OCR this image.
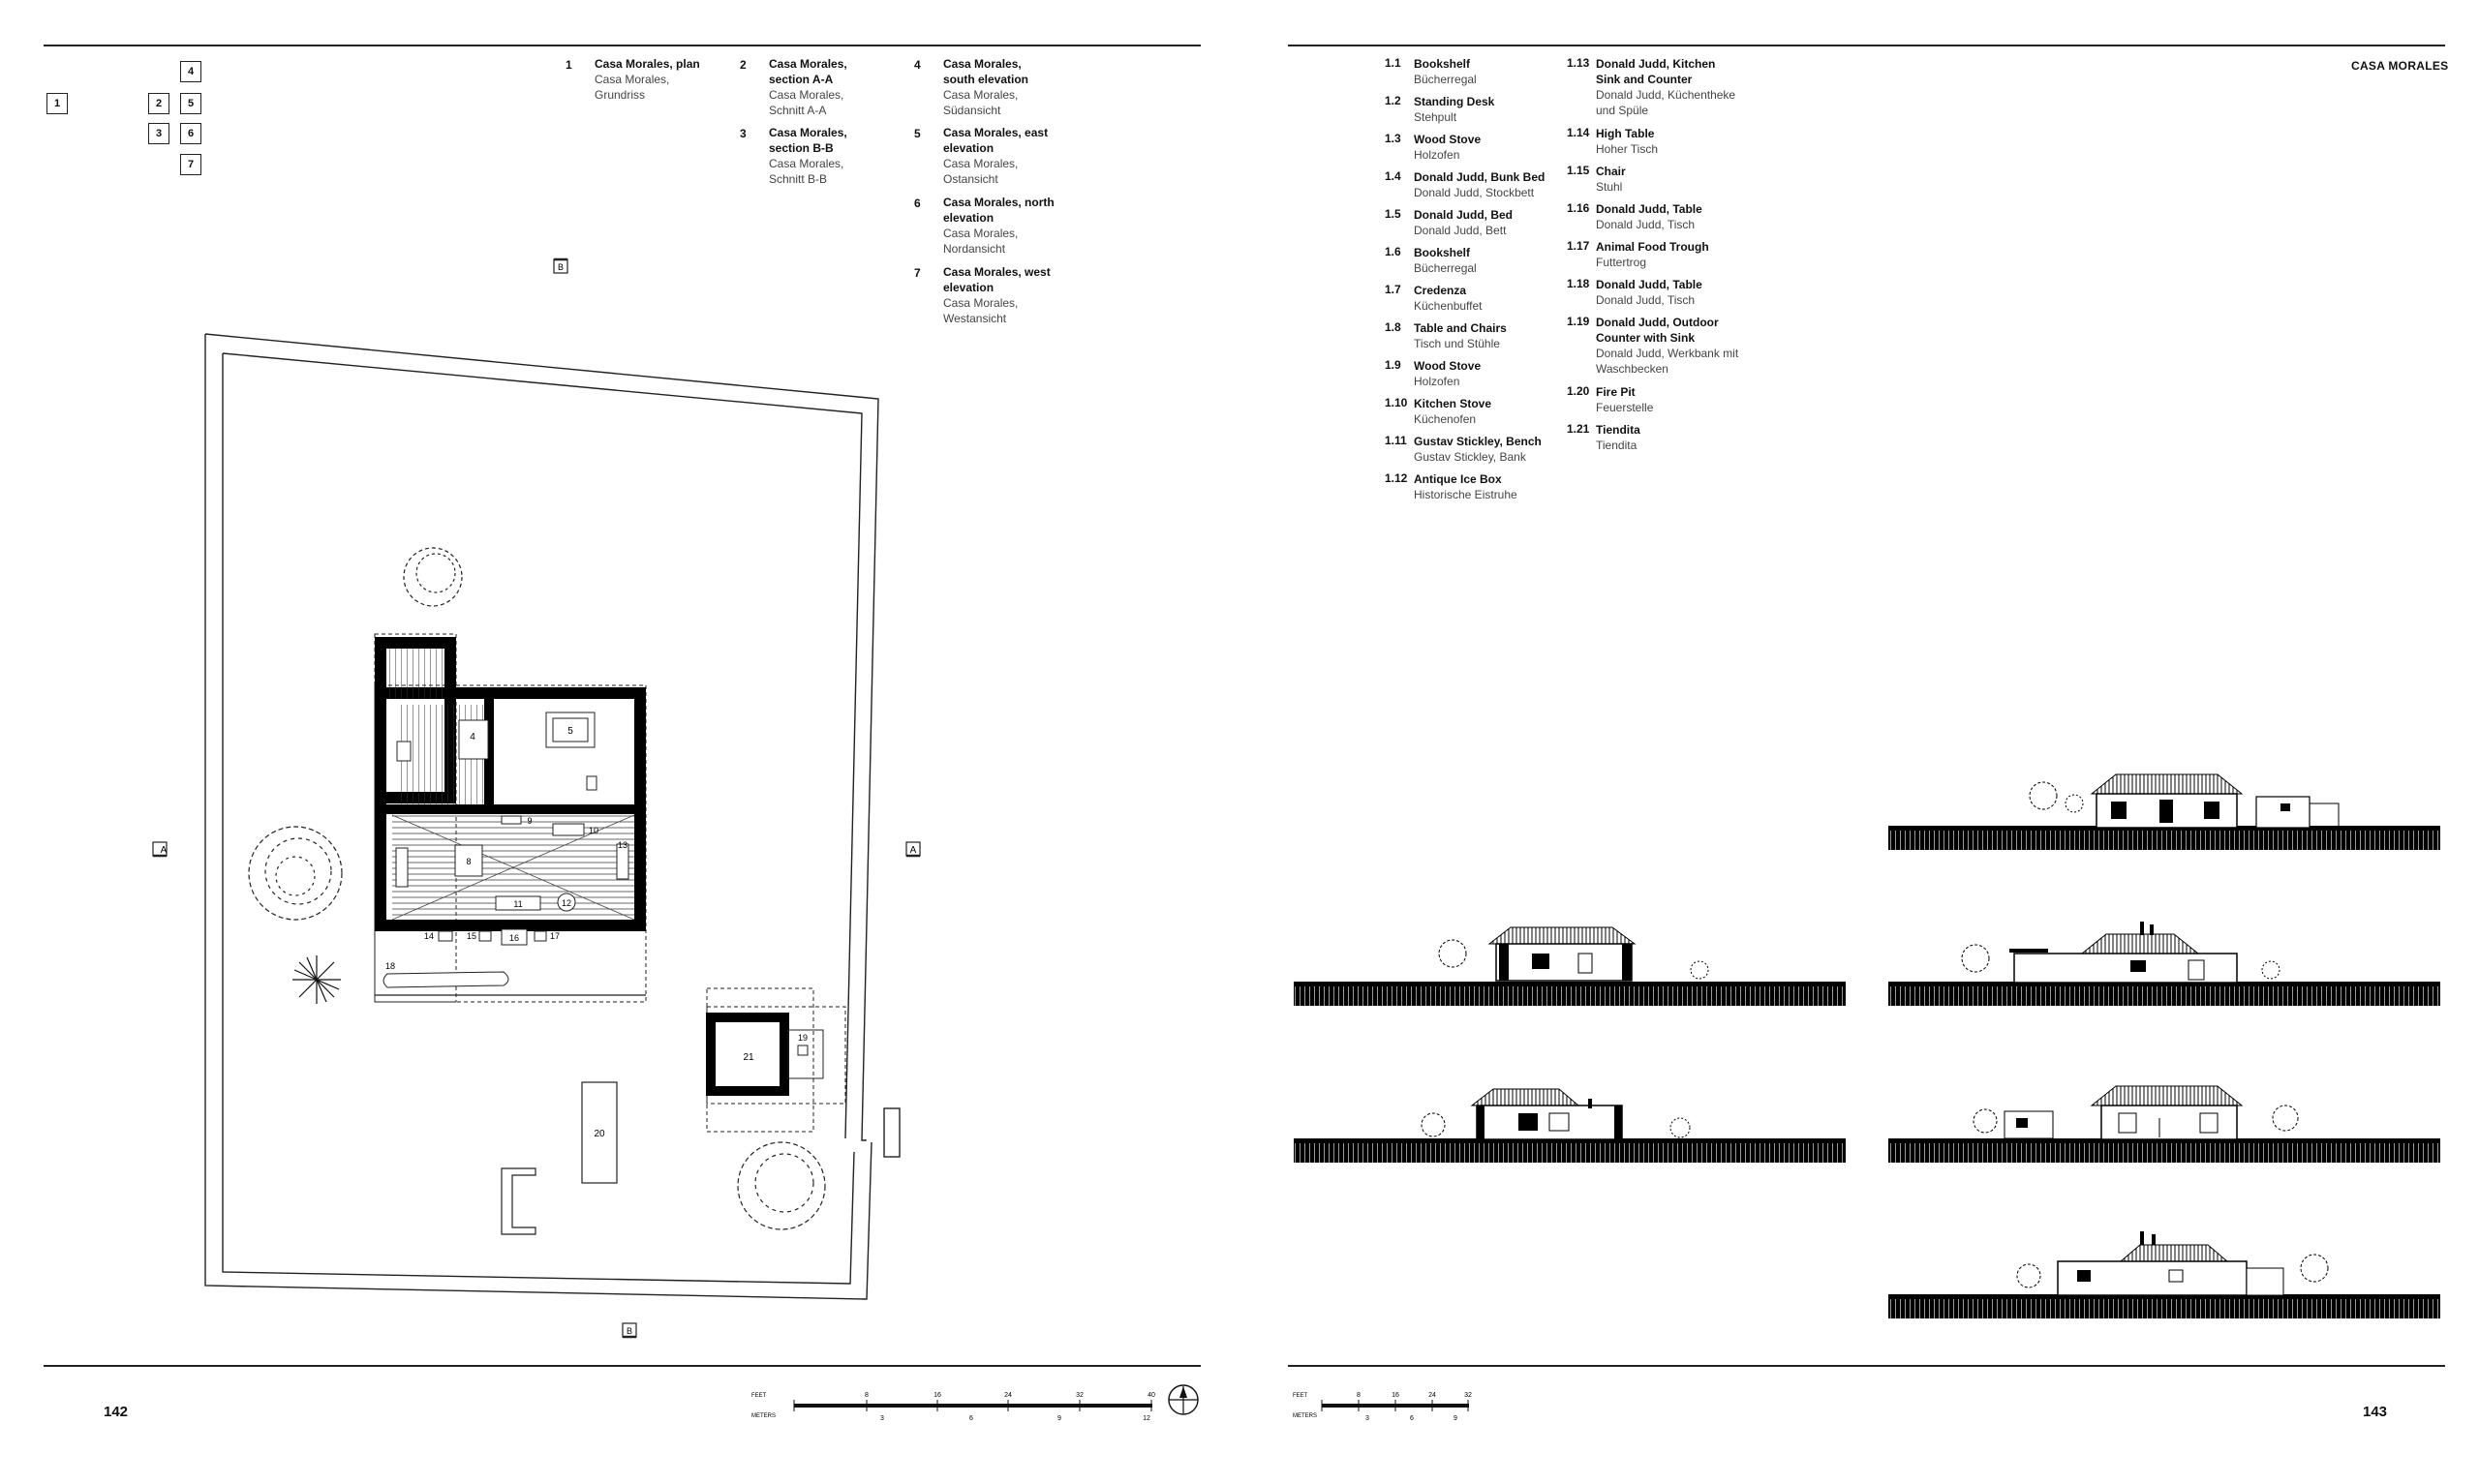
1	2
3
4
5
6
7
1 Casa Morales, plan
Casa Morales, Grundriss
2 Casa Morales, section A-A
Casa Morales, Schnitt A-A
3 Casa Morales, section B-B
Casa Morales, Schnitt B-B
4 Casa Morales, south elevation
Casa Morales, Südansicht
5 Casa Morales, east elevation
Casa Morales, Ostansicht
6 Casa Morales, north elevation
Casa Morales, Nordansicht
7 Casa Morales, west elevation
Casa Morales, Westansicht
B
B
A	A
4
5
8
9
10
11	12
13
14	15	16	17
18
21
19
20
FEET
METERS
8	16	24	32	40
3	6	9	12
142
CASA MORALES
1.1	Bookshelf
Bücherregal
1.2	Standing Desk
Stehpult
1.3	Wood Stove
Holzofen
1.4	Donald Judd, Bunk Bed
Donald Judd, Stockbett
1.5	Donald Judd, Bed
Donald Judd, Bett
1.6	Bookshelf
Bücherregal
1.7	Credenza
Küchenbuffet
1.8	Table and Chairs
Tisch und Stühle
1.9	Wood Stove
Holzofen
1.10 Kitchen Stove
Küchenofen
1.11 Gustav Stickley, Bench
Gustav Stickley, Bank
1.12 Antique Ice Box
Historische Eistruhe
1.13 Donald Judd, Kitchen Sink and Counter
Donald Judd, Küchentheke und Spüle
1.14 High Table
Hoher Tisch
1.15 Chair
Stuhl
1.16 Donald Judd, Table
Donald Judd, Tisch
1.17 Animal Food Trough
Futtertrog
1.18 Donald Judd, Table
Donald Judd, Tisch
1.19 Donald Judd, Outdoor Counter with Sink
Donald Judd, Werkbank mit Waschbecken
1.20 Fire Pit
Feuerstelle
1.21 Tiendita
Tiendita
FEET
METERS
8	16	24	32
3	6	9	143
